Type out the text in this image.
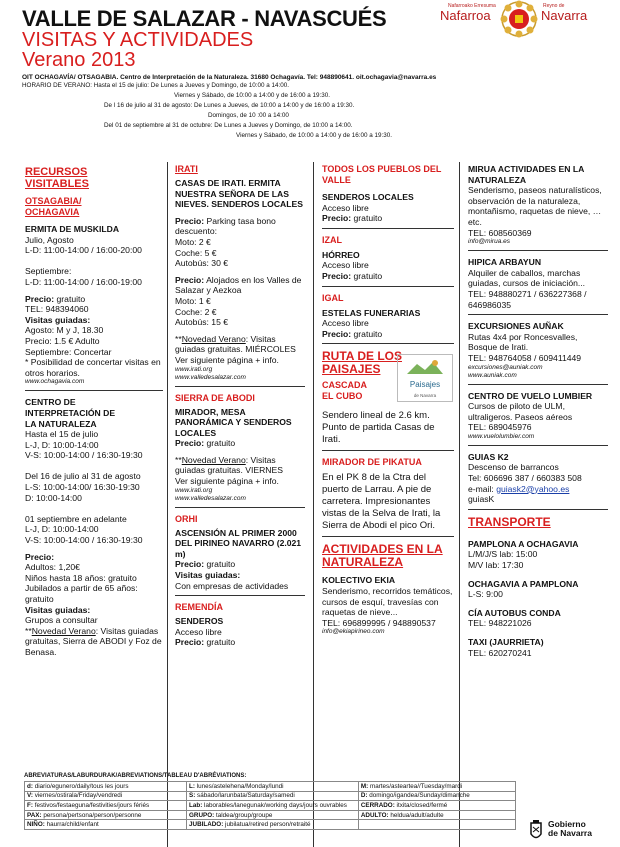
VALLE DE SALAZAR - NAVASCUÉS
VISITAS Y ACTIVIDADES
Verano 2013
OIT OCHAGAVÍA/ OTSAGABIA. Centro de Interpretación de la Naturaleza. 31680 Ochagavía. Tel: 948890641. oit.ochagavia@navarra.es
HORARIO DE VERANO: Hasta el 15 de julio: De Lunes a Jueves y Domingo, de 10:00 a 14:00.
Viernes y Sábado, de 10:00 a 14:00 y de 16:00 a 19:30.
De l 16 de julio al 31 de agosto: De Lunes a Jueves, de 10:00 a 14:00 y de 16:00 a 19:30.
Domingos, de 10 :00 a 14:00
Del 01 de septiembre al 31 de octubre: De Lunes a Jueves y Domingo, de 10:00 a 14:00.
Viernes y Sábado, de 10:00 a 14:00 y de 16:00 a 19:30.
Nafarroako Erresuma
Nafarroa
Reyno de
Navarra
RECURSOS
VISITABLES
OTSAGABIA/
OCHAGAVIA
ERMITA DE MUSKILDA
Julio, Agosto
L-D: 11:00-14:00 / 16:00-20:00
Septiembre:
L-D: 11:00-14:00 / 16:00-19:00
Precio: gratuito
TEL: 948394060
Visitas guiadas:
Agosto: M y J, 18.30
Precio: 1.5 € Adulto
Septiembre: Concertar
* Posibilidad de concertar visitas en otros horarios.
www.ochagavia.com
CENTRO DE
INTERPRETACIÓN DE
LA NATURALEZA
Hasta el 15 de julio
L-J, D: 10:00-14:00
V-S: 10:00-14:00 / 16:30-19:30
Del 16 de julio al 31 de agosto
L-S: 10:00-14:00/ 16:30-19:30
D: 10:00-14:00
01 septiembre en adelante
L-J, D: 10:00-14:00
V-S: 10:00-14:00 / 16:30-19:30
Precio:
Adultos: 1,20€
Niños hasta 18 años: gratuito
Jubilados a partir de 65 años: gratuito
Visitas guiadas:
Grupos a consultar
**Novedad Verano: Visitas guiadas gratuitas, Sierra de ABODI y Foz de Benasa.
IRATI
CASAS DE IRATI. ERMITA NUESTRA SEÑORA DE LAS NIEVES. SENDEROS LOCALES
Precio: Parking tasa bono descuento:
Moto: 2 €
Coche: 5 €
Autobús: 30 €
Precio: Alojados en los Valles de Salazar y Aezkoa
Moto: 1 €
Coche: 2 €
Autobús: 15 €
**Novedad Verano: Visitas guiadas gratuitas. MIÉRCOLES
Ver siguiente página + info.
www.irati.org
www.valledesalazar.com
SIERRA DE ABODI
MIRADOR, MESA PANORÁMICA Y SENDEROS LOCALES
Precio: gratuito
**Novedad Verano: Visitas guiadas gratuitas. VIERNES
Ver siguiente página + info.
www.irati.org
www.valledesalazar.com
ORHI
ASCENSIÓN AL PRIMER 2000 DEL PIRINEO NAVARRO (2.021 m)
Precio: gratuito
Visitas guiadas:
Con empresas de actividades
REMENDÍA
SENDEROS
Acceso libre
Precio: gratuito
TODOS LOS PUEBLOS DEL VALLE
SENDEROS LOCALES
Acceso libre
Precio: gratuito
IZAL
HÓRREO
Acceso libre
Precio: gratuito
IGAL
ESTELAS FUNERARIAS
Acceso libre
Precio: gratuito
RUTA DE LOS
PAISAJES
CASCADA
EL CUBO
Paisajes
de Navarra
Sendero lineal de 2.6 km. Punto de partida Casas de Irati.
MIRADOR DE PIKATUA
En el PK 8 de la Ctra del puerto de Larrau. A pie de carretera. Impresionantes vistas de la Selva de Irati, la Sierra de Abodi el pico Ori.
ACTIVIDADES EN LA NATURALEZA
KOLECTIVO EKIA
Senderismo, recorridos temáticos, cursos de esquí, travesías con raquetas de nieve...
TEL: 696899995 / 948890537
info@ekiapirineo.com
MIRUA ACTIVIDADES EN LA NATURALEZA
Senderismo, paseos naturalísticos, observación de la naturaleza, montañismo, raquetas de nieve, …etc.
TEL: 608560369
info@mirua.es
HIPICA ARBAYUN
Alquiler de caballos, marchas guiadas, cursos de iniciación...
TEL: 948880271 / 636227368 / 646986035
EXCURSIONES AUÑAK
Rutas 4x4 por Roncesvalles, Bosque de Irati.
TEL: 948764058 / 609411449
excursiones@auniak.com
www.auniak.com
CENTRO DE VUELO LUMBIER
Cursos de piloto de ULM, ultraligeros. Paseos aéreos
TEL: 689045976
www.vuelolumbier.com
GUIAS K2
Descenso de barrancos
Tel: 606696 387 / 660383 508
e-mail: guiask2@yahoo.es
guiasK
TRANSPORTE
PAMPLONA A OCHAGAVIA
L/M/J/S lab: 15:00
M/V lab: 17:30
OCHAGAVIA A PAMPLONA
L-S: 9:00
CÍA AUTOBUS CONDA
TEL: 948221026
TAXI (JAURRIETA)
TEL: 620270241
ABREVIATURAS/LABURDURAK/ABREVIATIONS/TABLEAU D'ABRÉVIATIONS:
d: diario/egunero/daily/tous les jours	L: lunes/astelehena/Monday/lundi	M: martes/asteartea//Tuesday/mardi
V: viernes/ostirala/Friday/vendredi	S: sábado/larunbata/Saturday/samedi	D: domingo/igandea/Sunday/dimanche
F: festivos/festaeguna/festivities/jours fériés	Lab: laborables/lanegunak/working days/jours ouvrables	CERRADO: itxita/closed/fermé
PAX: persona/pertsona/person/personne	GRUPO: taldea/group/groupe	ADULTO: heldua/adult/adulte
NIÑO: haurra/child/enfant	JUBILADO: jubilatua/retired person/retraité		Gobierno
de Navarra
